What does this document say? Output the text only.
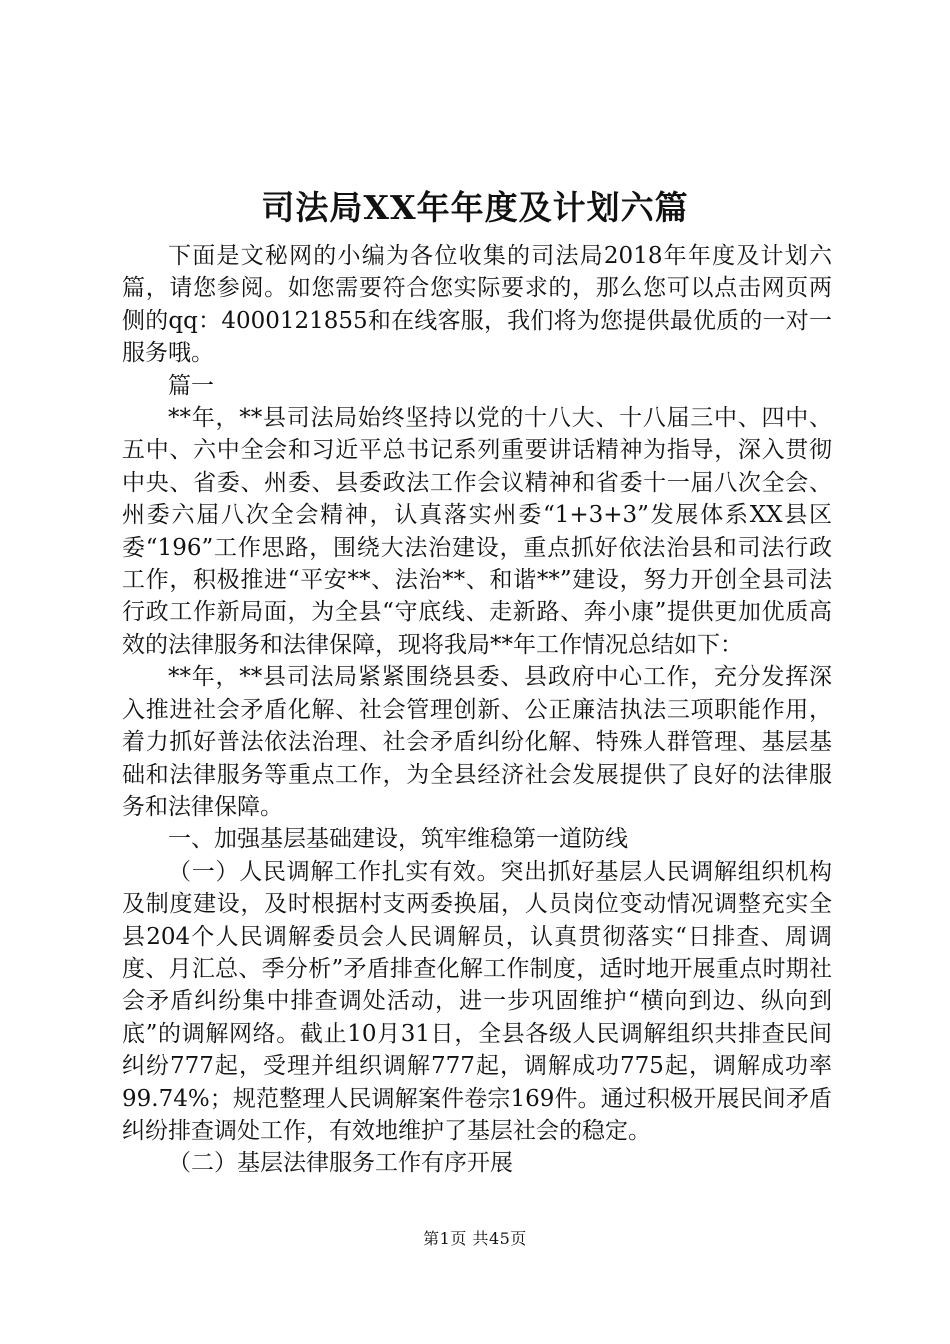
司法局XX年年度及计划六篇

下面是文秘网的小编为各位收集的司法局2018年年度及计划六篇，请您参阅。如您需要符合您实际要求的，那么您可以点击网页两侧的qq：4000121855和在线客服，我们将为您提供最优质的一对一服务哦。

篇一

**年，**县司法局始终坚持以党的十八大、十八届三中、四中、五中、六中全会和习近平总书记系列重要讲话精神为指导，深入贯彻中央、省委、州委、县委政法工作会议精神和省委十一届八次全会、州委六届八次全会精神，认真落实州委“1+3+3”发展体系XX县区委“196”工作思路，围绕大法治建设，重点抓好依法治县和司法行政工作，积极推进“平安**、法治**、和谐**”建设，努力开创全县司法行政工作新局面，为全县“守底线、走新路、奔小康”提供更加优质高效的法律服务和法律保障，现将我局**年工作情况总结如下：

**年，**县司法局紧紧围绕县委、县政府中心工作，充分发挥深入推进社会矛盾化解、社会管理创新、公正廉洁执法三项职能作用，着力抓好普法依法治理、社会矛盾纠纷化解、特殊人群管理、基层基础和法律服务等重点工作，为全县经济社会发展提供了良好的法律服务和法律保障。

一、加强基层基础建设，筑牢维稳第一道防线

（一）人民调解工作扎实有效。突出抓好基层人民调解组织机构及制度建设，及时根据村支两委换届，人员岗位变动情况调整充实全县204个人民调解委员会人民调解员，认真贯彻落实“日排查、周调度、月汇总、季分析”矛盾排查化解工作制度，适时地开展重点时期社会矛盾纠纷集中排查调处活动，进一步巩固维护“横向到边、纵向到底”的调解网络。截止10月31日，全县各级人民调解组织共排查民间纠纷777起，受理并组织调解777起，调解成功775起，调解成功率99.74%；规范整理人民调解案件卷宗169件。通过积极开展民间矛盾纠纷排查调处工作，有效地维护了基层社会的稳定。

（二）基层法律服务工作有序开展

第1页 共45页
